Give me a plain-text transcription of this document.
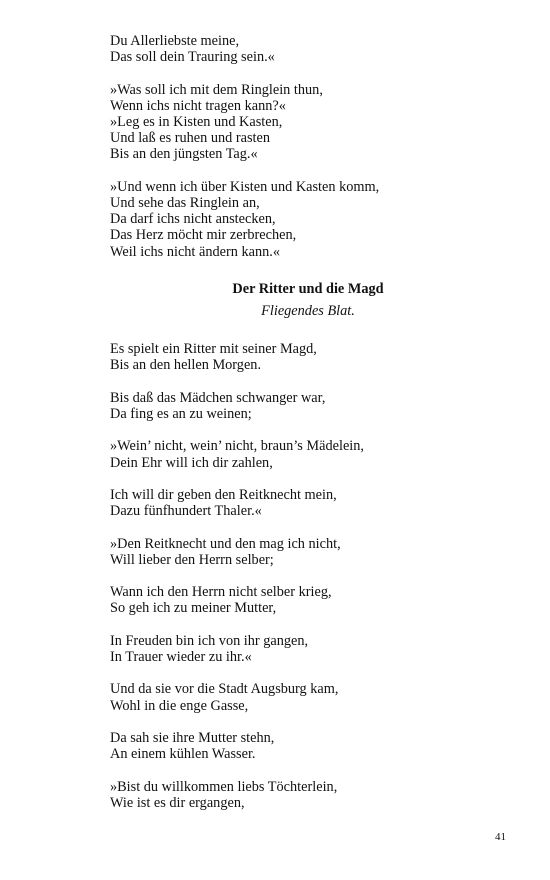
Du Allerliebste meine,
Das soll dein Trauring sein.«
»Was soll ich mit dem Ringlein thun,
Wenn ichs nicht tragen kann?«
»Leg es in Kisten und Kasten,
Und laß es ruhen und rasten
Bis an den jüngsten Tag.«
»Und wenn ich über Kisten und Kasten komm,
Und sehe das Ringlein an,
Da darf ichs nicht anstecken,
Das Herz möcht mir zerbrechen,
Weil ichs nicht ändern kann.«
Der Ritter und die Magd
Fliegendes Blat.
Es spielt ein Ritter mit seiner Magd,
Bis an den hellen Morgen.
Bis daß das Mädchen schwanger war,
Da fing es an zu weinen;
»Wein’ nicht, wein’ nicht, braun’s Mädelein,
Dein Ehr will ich dir zahlen,
Ich will dir geben den Reitknecht mein,
Dazu fünfhundert Thaler.«
»Den Reitknecht und den mag ich nicht,
Will lieber den Herrn selber;
Wann ich den Herrn nicht selber krieg,
So geh ich zu meiner Mutter,
In Freuden bin ich von ihr gangen,
In Trauer wieder zu ihr.«
Und da sie vor die Stadt Augsburg kam,
Wohl in die enge Gasse,
Da sah sie ihre Mutter stehn,
An einem kühlen Wasser.
»Bist du willkommen liebs Töchterlein,
Wie ist es dir ergangen,
41
